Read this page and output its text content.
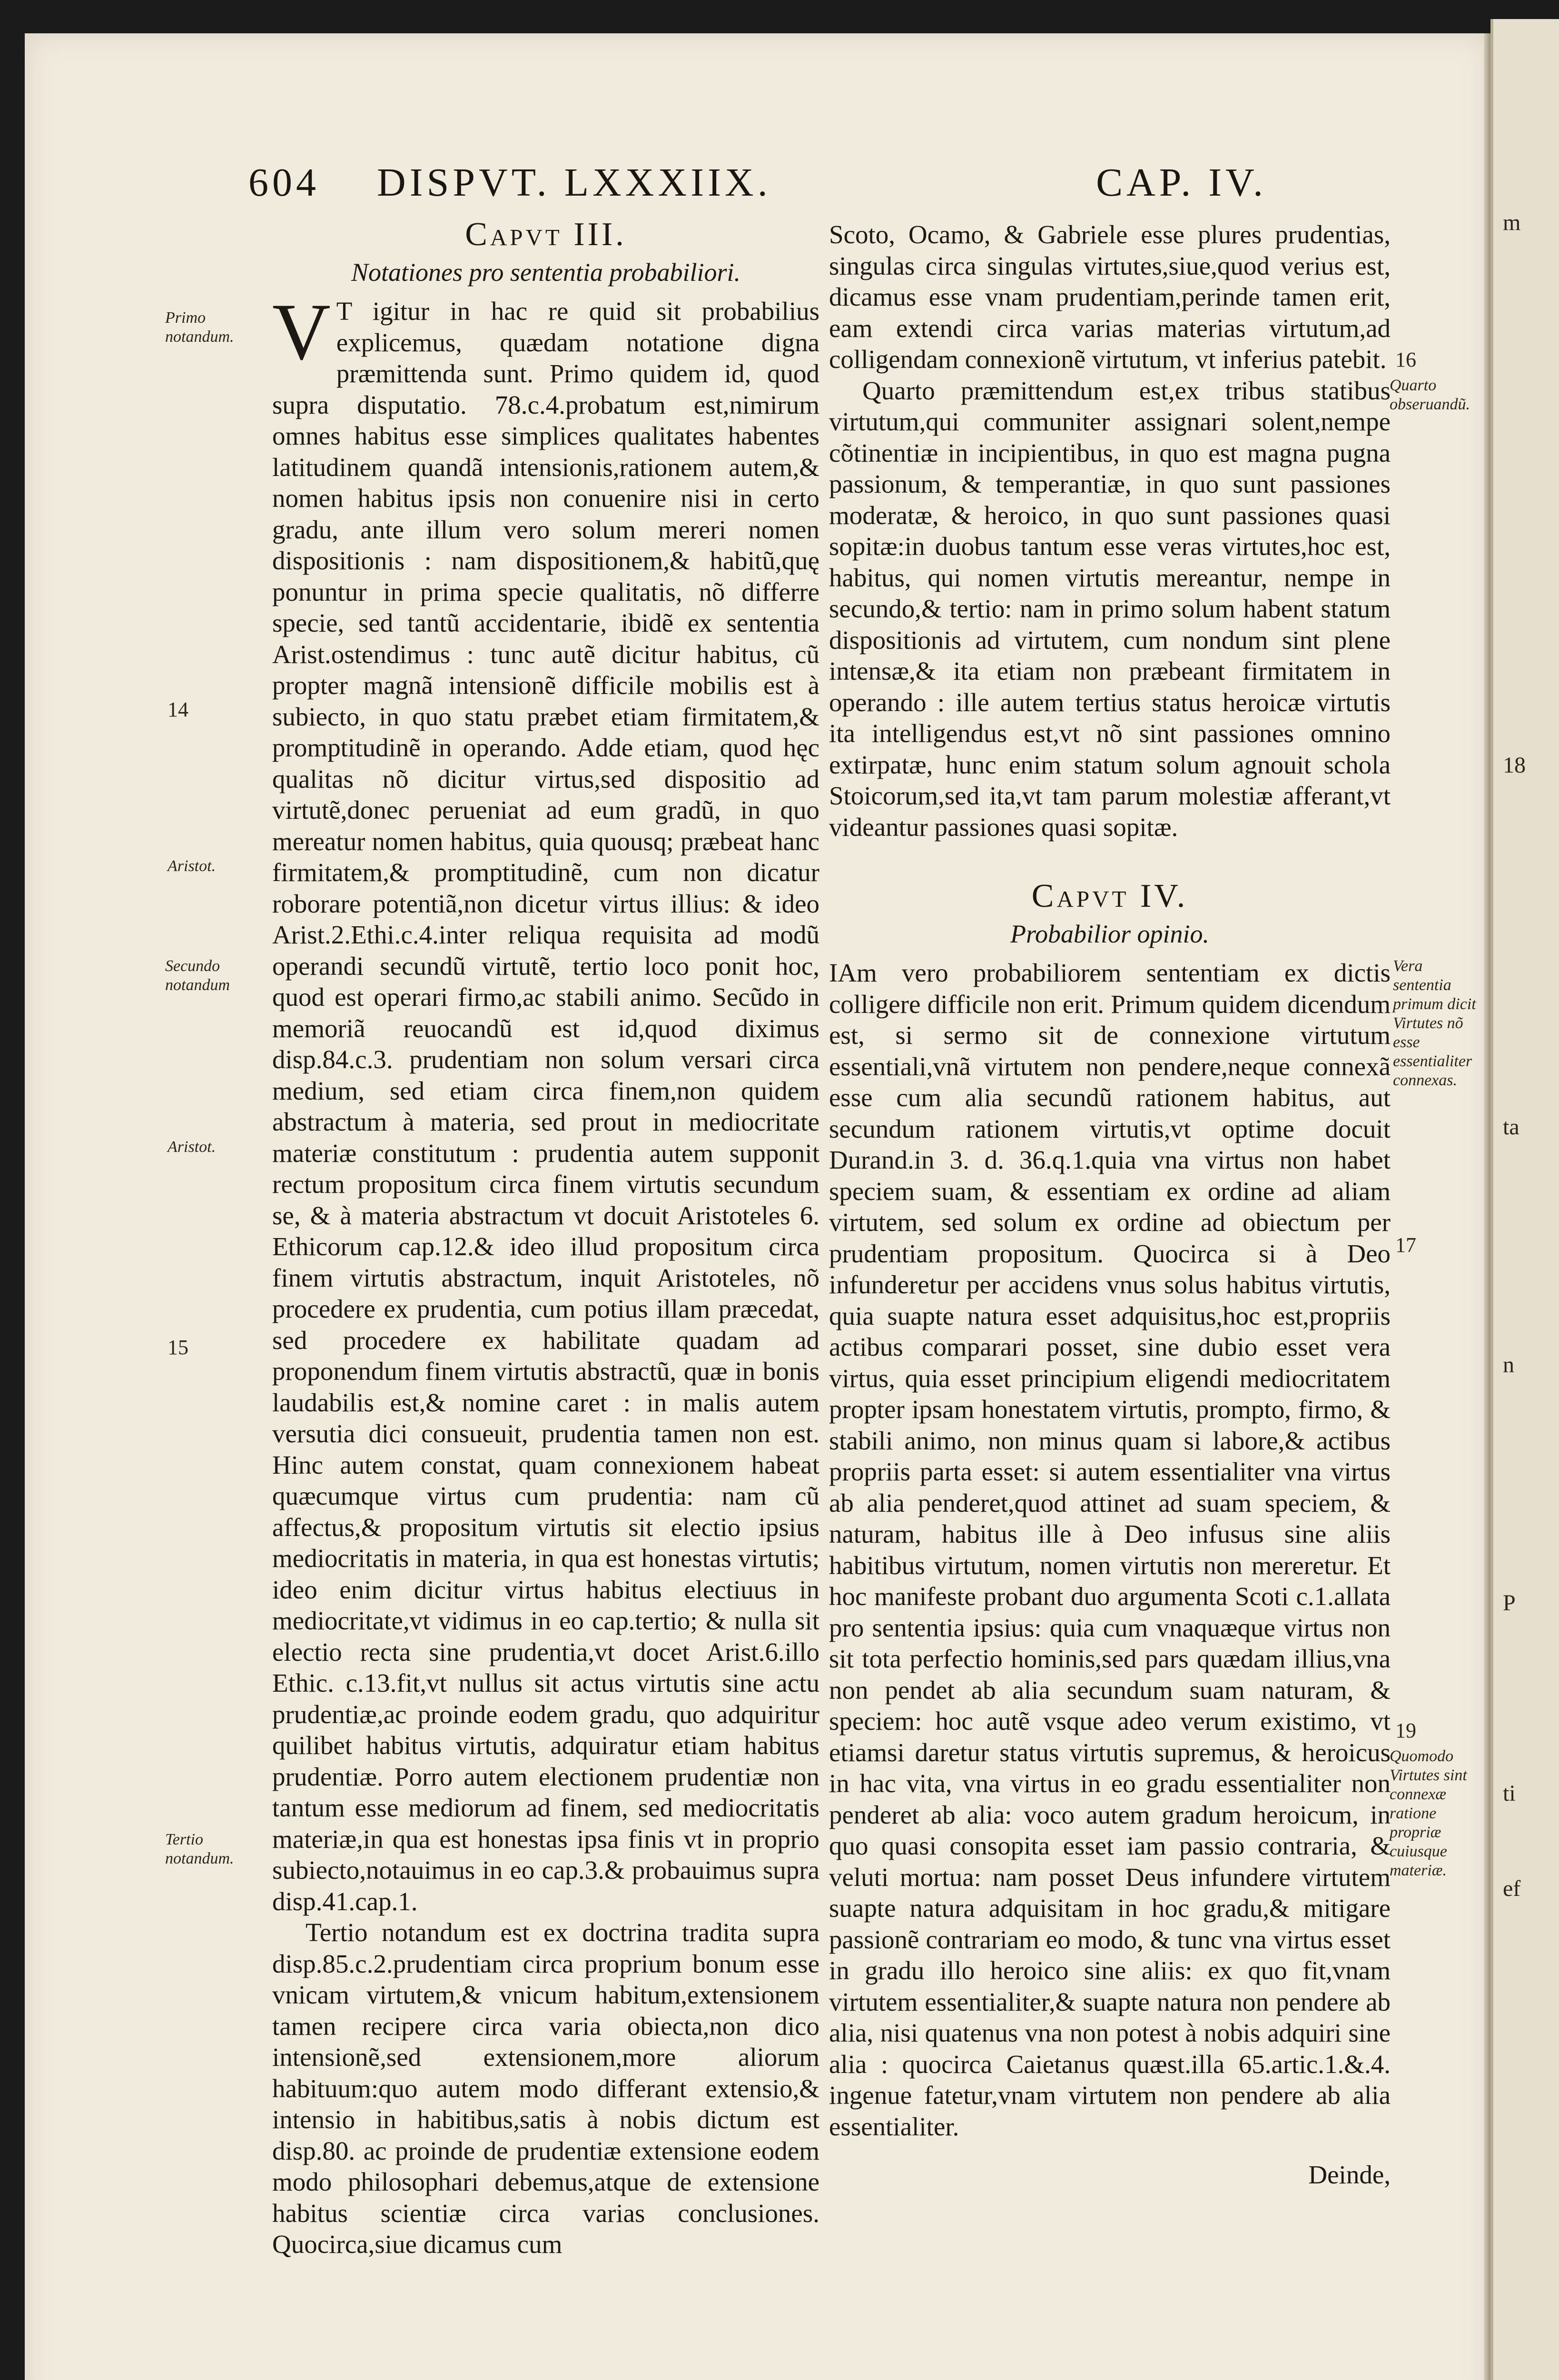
604 DISPVT. LXXXIIX.	CAP. IV.
Capvt III.
Notationes pro sententia probabiliori.

V T igitur in hac re quid sit probabilius explicemus, quædam notatione digna præmittenda sunt. Primo quidem id, quod supra disputatio. 78.c.4.probatum est,nimirum omnes habitus esse simplices qualitates habentes latitudinem quandã intensionis,rationem autem,& nomen habitus ipsis non conuenire nisi in certo gradu, ante illum vero solum mereri nomen dispositionis : nam dispositionem,& habitũ,quę ponuntur in prima specie qualitatis, nõ differre specie, sed tantũ accidentarie, ibidẽ ex sententia Arist.ostendimus : tunc autẽ dicitur habitus, cũ propter magnã intensionẽ difficile mobilis est à subiecto, in quo statu præbet etiam firmitatem,& promptitudinẽ in operando. Adde etiam, quod hęc qualitas nõ dicitur virtus,sed dispositio ad virtutẽ,donec perueniat ad eum gradũ, in quo mereatur nomen habitus, quia quousq; præbeat hanc firmitatem,& promptitudinẽ, cum non dicatur roborare potentiã,non dicetur virtus illius: & ideo Arist.2.Ethi.c.4.inter reliqua requisita ad modũ operandi secundũ virtutẽ, tertio loco ponit hoc, quod est operari firmo,ac stabili animo. Secũdo in memoriã reuocandũ est id,quod diximus disp.84.c.3. prudentiam non solum versari circa medium, sed etiam circa finem,non quidem abstractum à materia, sed prout in mediocritate materiæ constitutum : prudentia autem supponit rectum propositum circa finem virtutis secundum se, & à materia abstractum vt docuit Aristoteles 6. Ethicorum cap.12.& ideo illud propositum circa finem virtutis abstractum, inquit Aristoteles, nõ procedere ex prudentia, cum potius illam præcedat, sed procedere ex habilitate quadam ad proponendum finem virtutis abstractũ, quæ in bonis laudabilis est,& nomine caret : in malis autem versutia dici consueuit, prudentia tamen non est. Hinc autem constat, quam connexionem habeat quæcumque virtus cum prudentia: nam cũ affectus,& propositum virtutis sit electio ipsius mediocritatis in materia, in qua est honestas virtutis; ideo enim dicitur virtus habitus electiuus in mediocritate,vt vidimus in eo cap.tertio; & nulla sit electio recta sine prudentia,vt docet Arist.6.illo Ethic. c.13.fit,vt nullus sit actus virtutis sine actu prudentiæ,ac proinde eodem gradu, quo adquiritur quilibet habitus virtutis, adquiratur etiam habitus prudentiæ. Porro autem electionem prudentiæ non tantum esse mediorum ad finem, sed mediocritatis materiæ,in qua est honestas ipsa finis vt in proprio subiecto,notauimus in eo cap.3.& probauimus supra disp.41.cap.1.

Tertio notandum est ex doctrina tradita supra disp.85.c.2.prudentiam circa proprium bonum esse vnicam virtutem,& vnicum habitum,extensionem tamen recipere circa varia obiecta,non dico intensionẽ,sed extensionem,more aliorum habituum:quo autem modo differant extensio,& intensio in habitibus,satis à nobis dictum est disp.80. ac proinde de prudentiæ extensione eodem modo philosophari debemus,atque de extensione habitus scientiæ circa varias conclusiones. Quocirca,siue dicamus cum

Scoto, Ocamo, & Gabriele esse plures prudentias, singulas circa singulas virtutes,siue,quod verius est, dicamus esse vnam prudentiam,perinde tamen erit, eam extendi circa varias materias virtutum,ad colligendam connexionẽ virtutum, vt inferius patebit.

Quarto præmittendum est,ex tribus statibus virtutum,qui communiter assignari solent,nempe cõtinentiæ in incipientibus, in quo est magna pugna passionum, & temperantiæ, in quo sunt passiones moderatæ, & heroico, in quo sunt passiones quasi sopitæ:in duobus tantum esse veras virtutes,hoc est, habitus, qui nomen virtutis mereantur, nempe in secundo,& tertio: nam in primo solum habent statum dispositionis ad virtutem, cum nondum sint plene intensæ,& ita etiam non præbeant firmitatem in operando : ille autem tertius status heroicæ virtutis ita intelligendus est,vt nõ sint passiones omnino extirpatæ, hunc enim statum solum agnouit schola Stoicorum,sed ita,vt tam parum molestiæ afferant,vt videantur passiones quasi sopitæ.

Capvt IV.
Probabilior opinio.

IAm vero probabiliorem sententiam ex dictis colligere difficile non erit. Primum quidem dicendum est, si sermo sit de connexione virtutum essentiali,vnã virtutem non pendere,neque connexã esse cum alia secundũ rationem habitus, aut secundum rationem virtutis,vt optime docuit Durand.in 3. d. 36.q.1.quia vna virtus non habet speciem suam, & essentiam ex ordine ad aliam virtutem, sed solum ex ordine ad obiectum per prudentiam propositum. Quocirca si à Deo infunderetur per accidens vnus solus habitus virtutis, quia suapte natura esset adquisitus,hoc est,propriis actibus comparari posset, sine dubio esset vera virtus, quia esset principium eligendi mediocritatem propter ipsam honestatem virtutis, prompto, firmo, & stabili animo, non minus quam si labore,& actibus propriis parta esset: si autem essentialiter vna virtus ab alia penderet,quod attinet ad suam speciem, & naturam, habitus ille à Deo infusus sine aliis habitibus virtutum, nomen virtutis non mereretur. Et hoc manifeste probant duo argumenta Scoti c.1.allata pro sententia ipsius: quia cum vnaquæque virtus non sit tota perfectio hominis,sed pars quædam illius,vna non pendet ab alia secundum suam naturam, & speciem: hoc autẽ vsque adeo verum existimo, vt etiamsi daretur status virtutis supremus, & heroicus in hac vita, vna virtus in eo gradu essentialiter non penderet ab alia: voco autem gradum heroicum, in quo quasi consopita esset iam passio contraria, & veluti mortua: nam posset Deus infundere virtutem suapte natura adquisitam in hoc gradu,& mitigare passionẽ contrariam eo modo, & tunc vna virtus esset in gradu illo heroico sine aliis: ex quo fit,vnam virtutem essentialiter,& suapte natura non pendere ab alia, nisi quatenus vna non potest à nobis adquiri sine alia : quocirca Caietanus quæst.illa 65.artic.1.&.4. ingenue fatetur,vnam virtutem non pendere ab alia essentialiter.

Deinde,
Primo notandum.
14
Aristot.
Secundo notandum
Aristot.
15
Tertio notandum.
16
Quarto obseruandũ.
Vera sententia primum dicit Virtutes nõ esse essentialiter connexas.
17
19
Quomodo Virtutes sint connexæ ratione propriæ cuiusque materiæ.
m
18
ta
n
P
ti
ef
